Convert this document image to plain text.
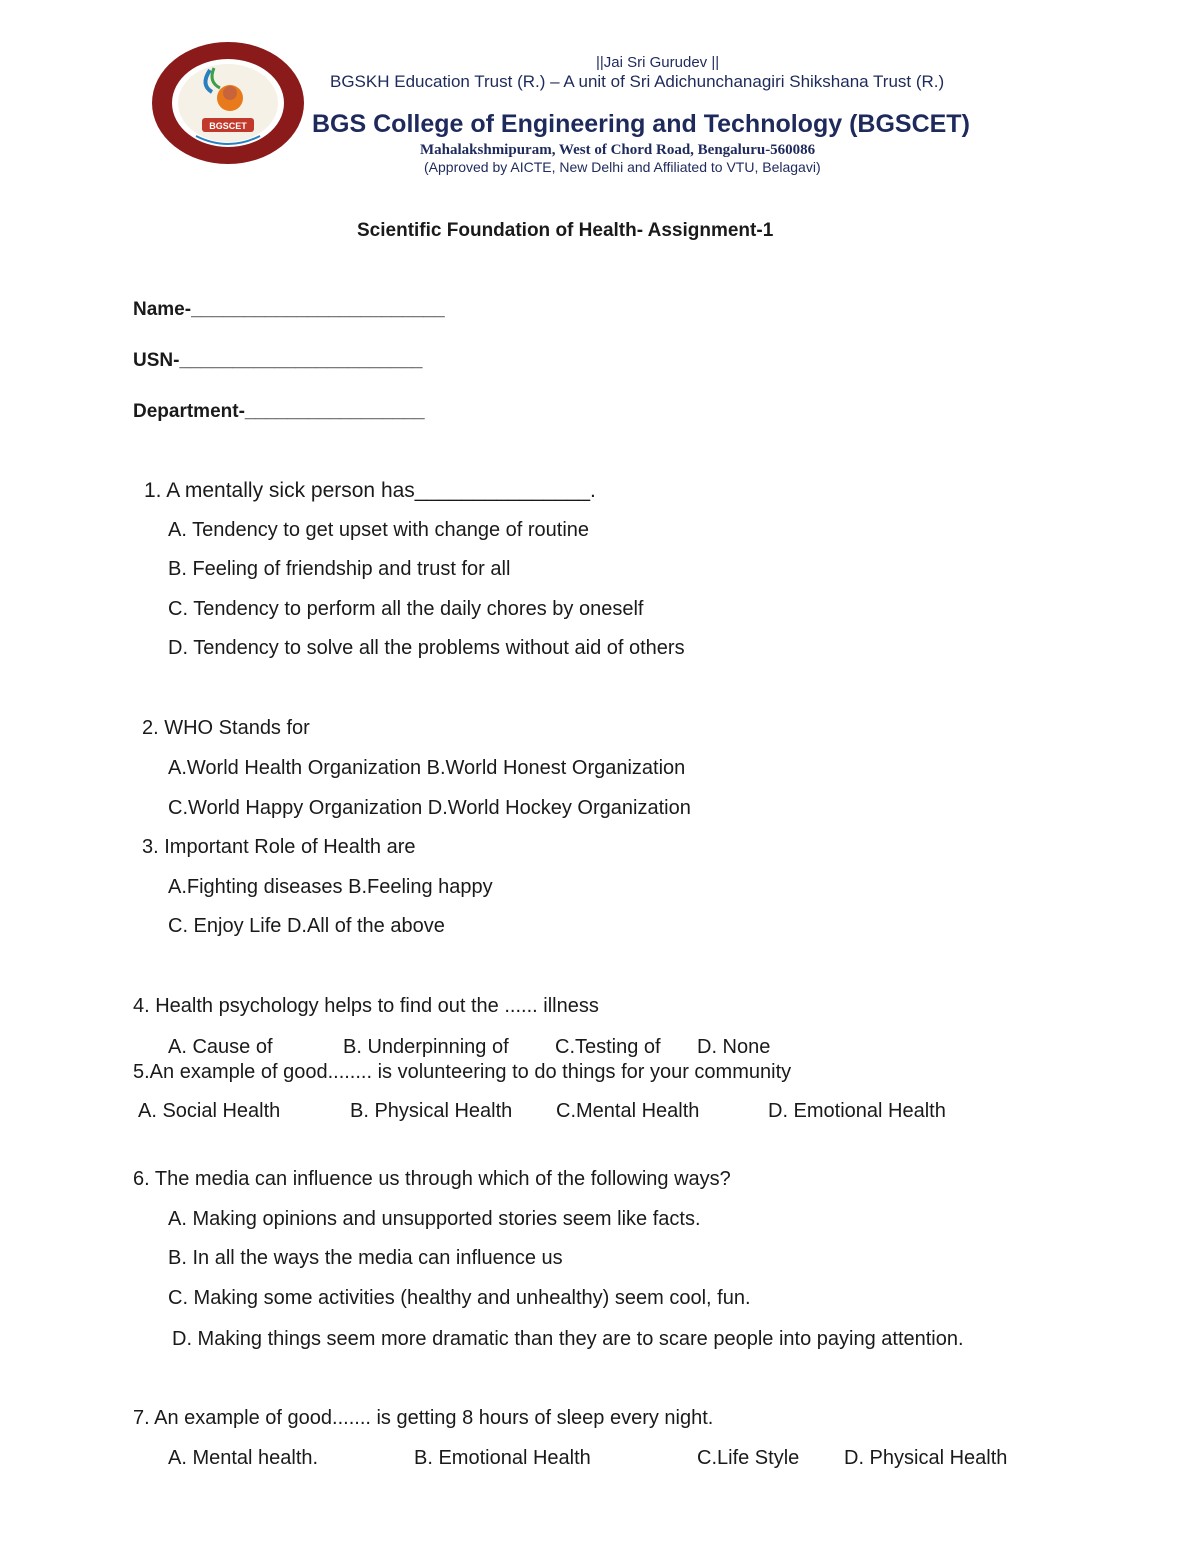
BGSCET
||Jai Sri Gurudev ||
BGSKH Education Trust (R.) – A unit of Sri Adichunchanagiri Shikshana Trust (R.)
BGS College of Engineering and Technology (BGSCET)
Mahalakshmipuram, West of Chord Road, Bengaluru-560086
(Approved by AICTE, New Delhi and Affiliated to VTU, Belagavi)
Scientific Foundation of Health- Assignment-1
Name-________________________
USN-_______________________
Department-_________________
1. A mentally sick person has_______________.
A. Tendency to get upset with change of routine
B. Feeling of friendship and trust for all
C. Tendency to perform all the daily chores by oneself
D. Tendency to solve all the problems without aid of others
2. WHO Stands for
A.World Health Organization B.World Honest Organization
C.World Happy Organization D.World Hockey Organization
3. Important Role of Health are
A.Fighting diseases B.Feeling happy
C. Enjoy Life D.All of the above
4. Health psychology helps to find out the ...... illness
A. Cause of	B. Underpinning of C.Testing of D. None
5.An example of good........ is volunteering to do things for your community
A. Social Health	B. Physical Health C.Mental Health	D. Emotional Health
6. The media can influence us through which of the following ways?
A. Making opinions and unsupported stories seem like facts.
B. In all the ways the media can influence us
C. Making some activities (healthy and unhealthy) seem cool, fun.
D. Making things seem more dramatic than they are to scare people into paying attention.
7. An example of good....... is getting 8 hours of sleep every night.
A. Mental health.	B. Emotional Health	C.Life Style D. Physical Health
